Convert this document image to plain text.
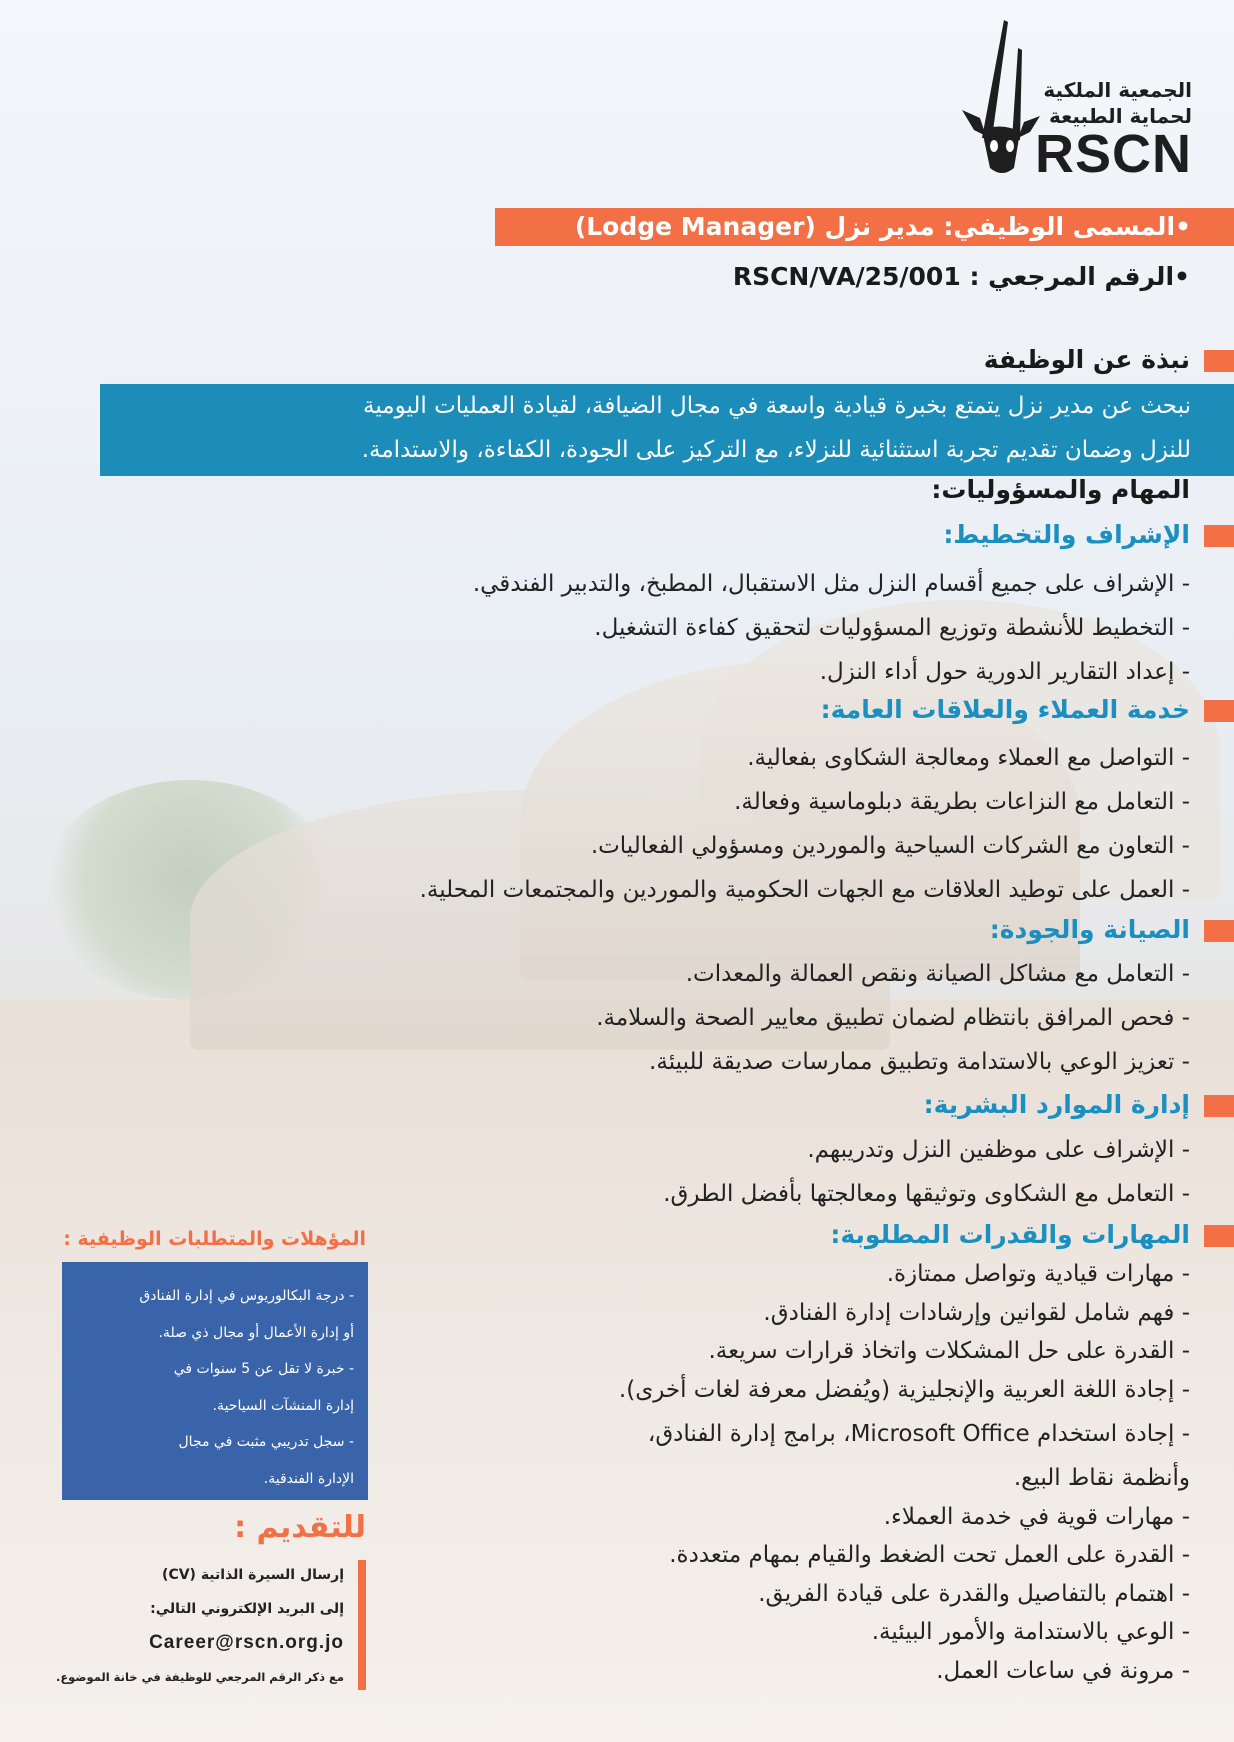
الجمعية الملكية
لحماية الطبيعة
RSCN
•المسمى الوظيفي: مدير نزل (Lodge Manager)
•الرقم المرجعي : RSCN/VA/25/001
نبذة عن الوظيفة
نبحث عن مدير نزل يتمتع بخبرة قيادية واسعة في مجال الضيافة، لقيادة العمليات اليومية
للنزل وضمان تقديم تجربة استثنائية للنزلاء، مع التركيز على الجودة، الكفاءة، والاستدامة.
المهام والمسؤوليات:
الإشراف والتخطيط:
- الإشراف على جميع أقسام النزل مثل الاستقبال، المطبخ، والتدبير الفندقي.
- التخطيط للأنشطة وتوزيع المسؤوليات لتحقيق كفاءة التشغيل.
- إعداد التقارير الدورية حول أداء النزل.
خدمة العملاء والعلاقات العامة:
- التواصل مع العملاء ومعالجة الشكاوى بفعالية.
- التعامل مع النزاعات بطريقة دبلوماسية وفعالة.
- التعاون مع الشركات السياحية والموردين ومسؤولي الفعاليات.
- العمل على توطيد العلاقات مع الجهات الحكومية والموردين والمجتمعات المحلية.
الصيانة والجودة:
- التعامل مع مشاكل الصيانة ونقص العمالة والمعدات.
- فحص المرافق بانتظام لضمان تطبيق معايير الصحة والسلامة.
- تعزيز الوعي بالاستدامة وتطبيق ممارسات صديقة للبيئة.
إدارة الموارد البشرية:
- الإشراف على موظفين النزل وتدريبهم.
- التعامل مع الشكاوى وتوثيقها ومعالجتها بأفضل الطرق.
المهارات والقدرات المطلوبة:
- مهارات قيادية وتواصل ممتازة.
- فهم شامل لقوانين وإرشادات إدارة الفنادق.
- القدرة على حل المشكلات واتخاذ قرارات سريعة.
- إجادة اللغة العربية والإنجليزية (ويُفضل معرفة لغات أخرى).
- إجادة استخدام Microsoft Office، برامج إدارة الفنادق،
وأنظمة نقاط البيع.
- مهارات قوية في خدمة العملاء.
- القدرة على العمل تحت الضغط والقيام بمهام متعددة.
- اهتمام بالتفاصيل والقدرة على قيادة الفريق.
- الوعي بالاستدامة والأمور البيئية.
- مرونة في ساعات العمل.
المؤهلات والمتطلبات الوظيفية :
- درجة البكالوريوس في إدارة الفنادق
أو إدارة الأعمال أو مجال ذي صلة.
- خبرة لا تقل عن 5 سنوات في
إدارة المنشآت السياحية.
- سجل تدريبي مثبت في مجال
الإدارة الفندقية.
للتقديم :
إرسال السيرة الذاتية (CV)
إلى البريد الإلكتروني التالي:
Career@rscn.org.jo
مع ذكر الرقم المرجعي للوظيفة في خانة الموضوع.
